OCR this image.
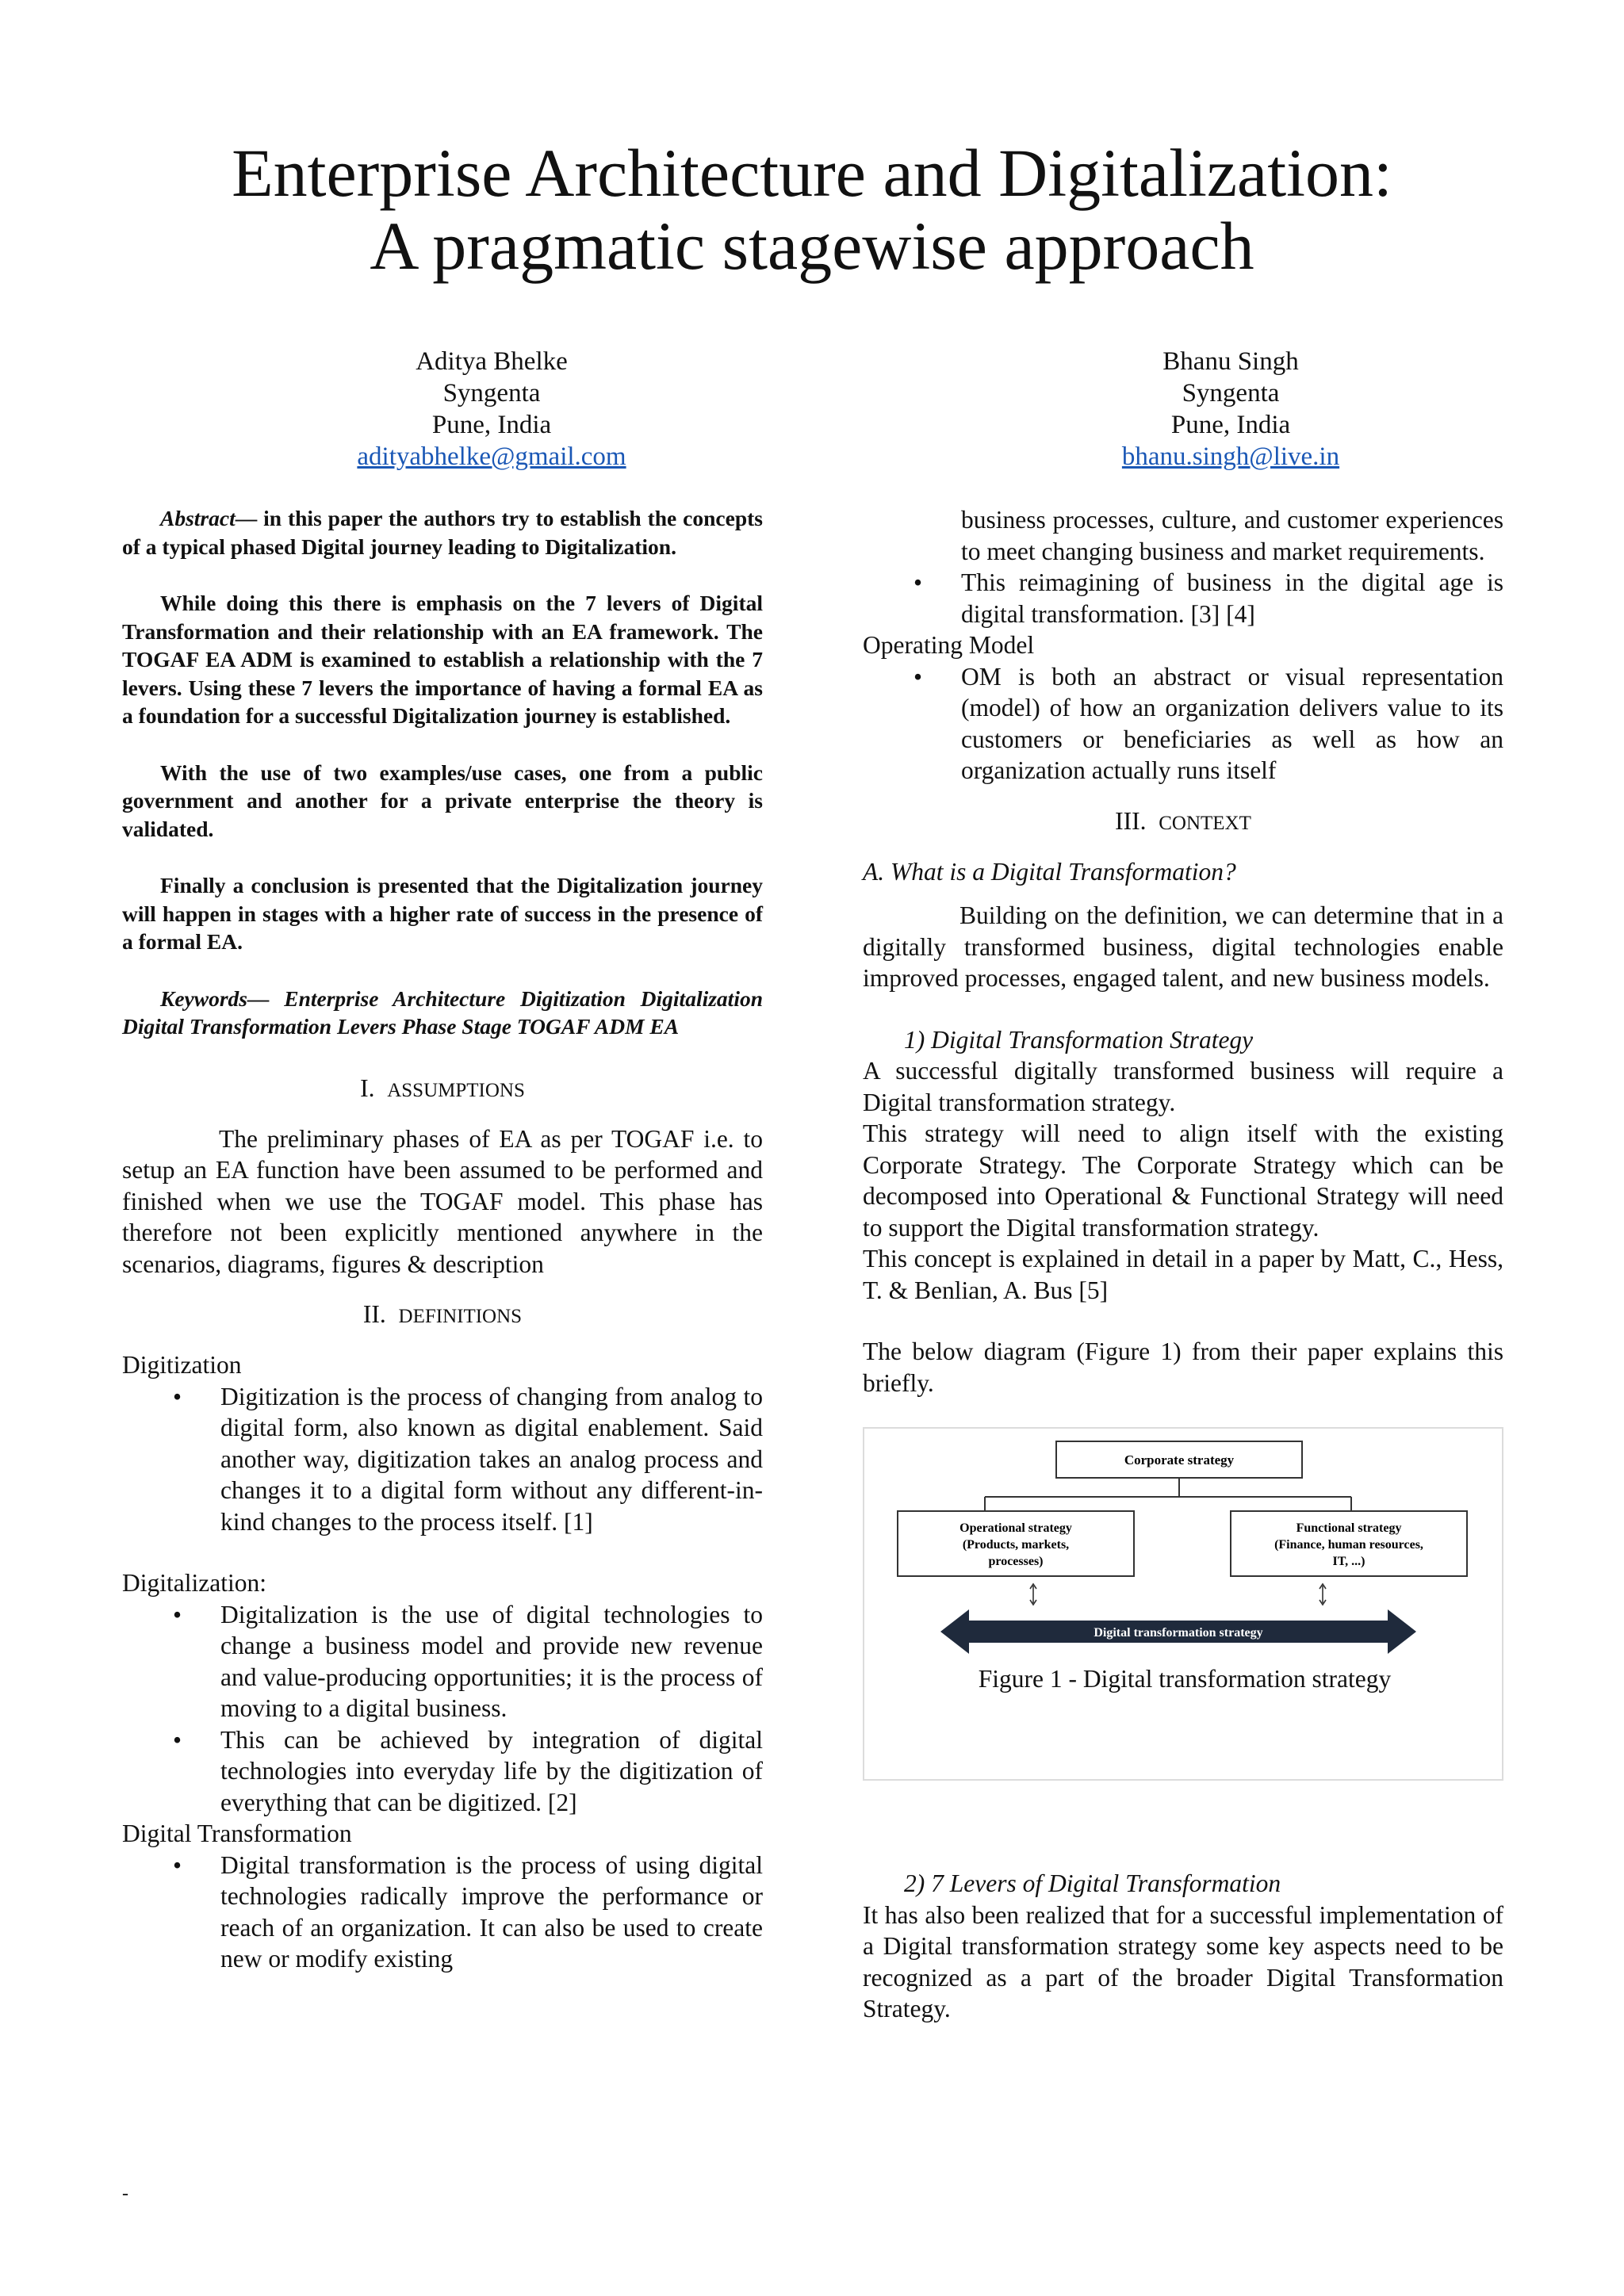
Enterprise Architecture and Digitalization:
A pragmatic stagewise approach
Aditya Bhelke
Syngenta
Pune, India
adityabhelke@gmail.com
Bhanu Singh
Syngenta
Pune, India
bhanu.singh@live.in

Abstract— in this paper the authors try to establish the concepts of a typical phased Digital journey leading to Digitalization.

While doing this there is emphasis on the 7 levers of Digital Transformation and their relationship with an EA framework. The TOGAF EA ADM is examined to establish a relationship with the 7 levers. Using these 7 levers the importance of having a formal EA as a foundation for a successful Digitalization journey is established.

With the use of two examples/use cases, one from a public government and another for a private enterprise the theory is validated.

Finally a conclusion is presented that the Digitalization journey will happen in stages with a higher rate of success in the presence of a formal EA.

Keywords— Enterprise Architecture Digitization Digitalization Digital Transformation Levers Phase Stage TOGAF ADM EA

I. ASSUMPTIONS

The preliminary phases of EA as per TOGAF i.e. to setup an EA function have been assumed to be performed and finished when we use the TOGAF model. This phase has therefore not been explicitly mentioned anywhere in the scenarios, diagrams, figures & description

II. DEFINITIONS
Digitization
• Digitization is the process of changing from analog to digital form, also known as digital enablement. Said another way, digitization takes an analog process and changes it to a digital form without any different-in-kind changes to the process itself. [1]
Digitalization:
• Digitalization is the use of digital technologies to change a business model and provide new revenue and value-producing opportunities; it is the process of moving to a digital business.
• This can be achieved by integration of digital technologies into everyday life by the digitization of everything that can be digitized. [2]
Digital Transformation
• Digital transformation is the process of using digital technologies radically improve the performance or reach of an organization. It can also be used to create new or modify existing
business processes, culture, and customer experiences to meet changing business and market requirements.
• This reimagining of business in the digital age is digital transformation. [3] [4]
Operating Model
• OM is both an abstract or visual representation (model) of how an organization delivers value to its customers or beneficiaries as well as how an organization actually runs itself
III. CONTEXT
A. What is a Digital Transformation?

Building on the definition, we can determine that in a digitally transformed business, digital technologies enable improved processes, engaged talent, and new business models.

1) Digital Transformation Strategy

A successful digitally transformed business will require a Digital transformation strategy.

This strategy will need to align itself with the existing Corporate Strategy. The Corporate Strategy which can be decomposed into Operational & Functional Strategy will need to support the Digital transformation strategy.

This concept is explained in detail in a paper by Matt, C., Hess, T. & Benlian, A. Bus [5]

The below diagram (Figure 1) from their paper explains this briefly.

Corporate strategy
Operational strategy
(Products, markets,
processes)
Functional strategy
(Finance, human resources,
IT, ...)
Digital transformation strategy
Figure 1 - Digital transformation strategy
2) 7 Levers of Digital Transformation

It has also been realized that for a successful implementation of a Digital transformation strategy some key aspects need to be recognized as a part of the broader Digital Transformation Strategy.

-
